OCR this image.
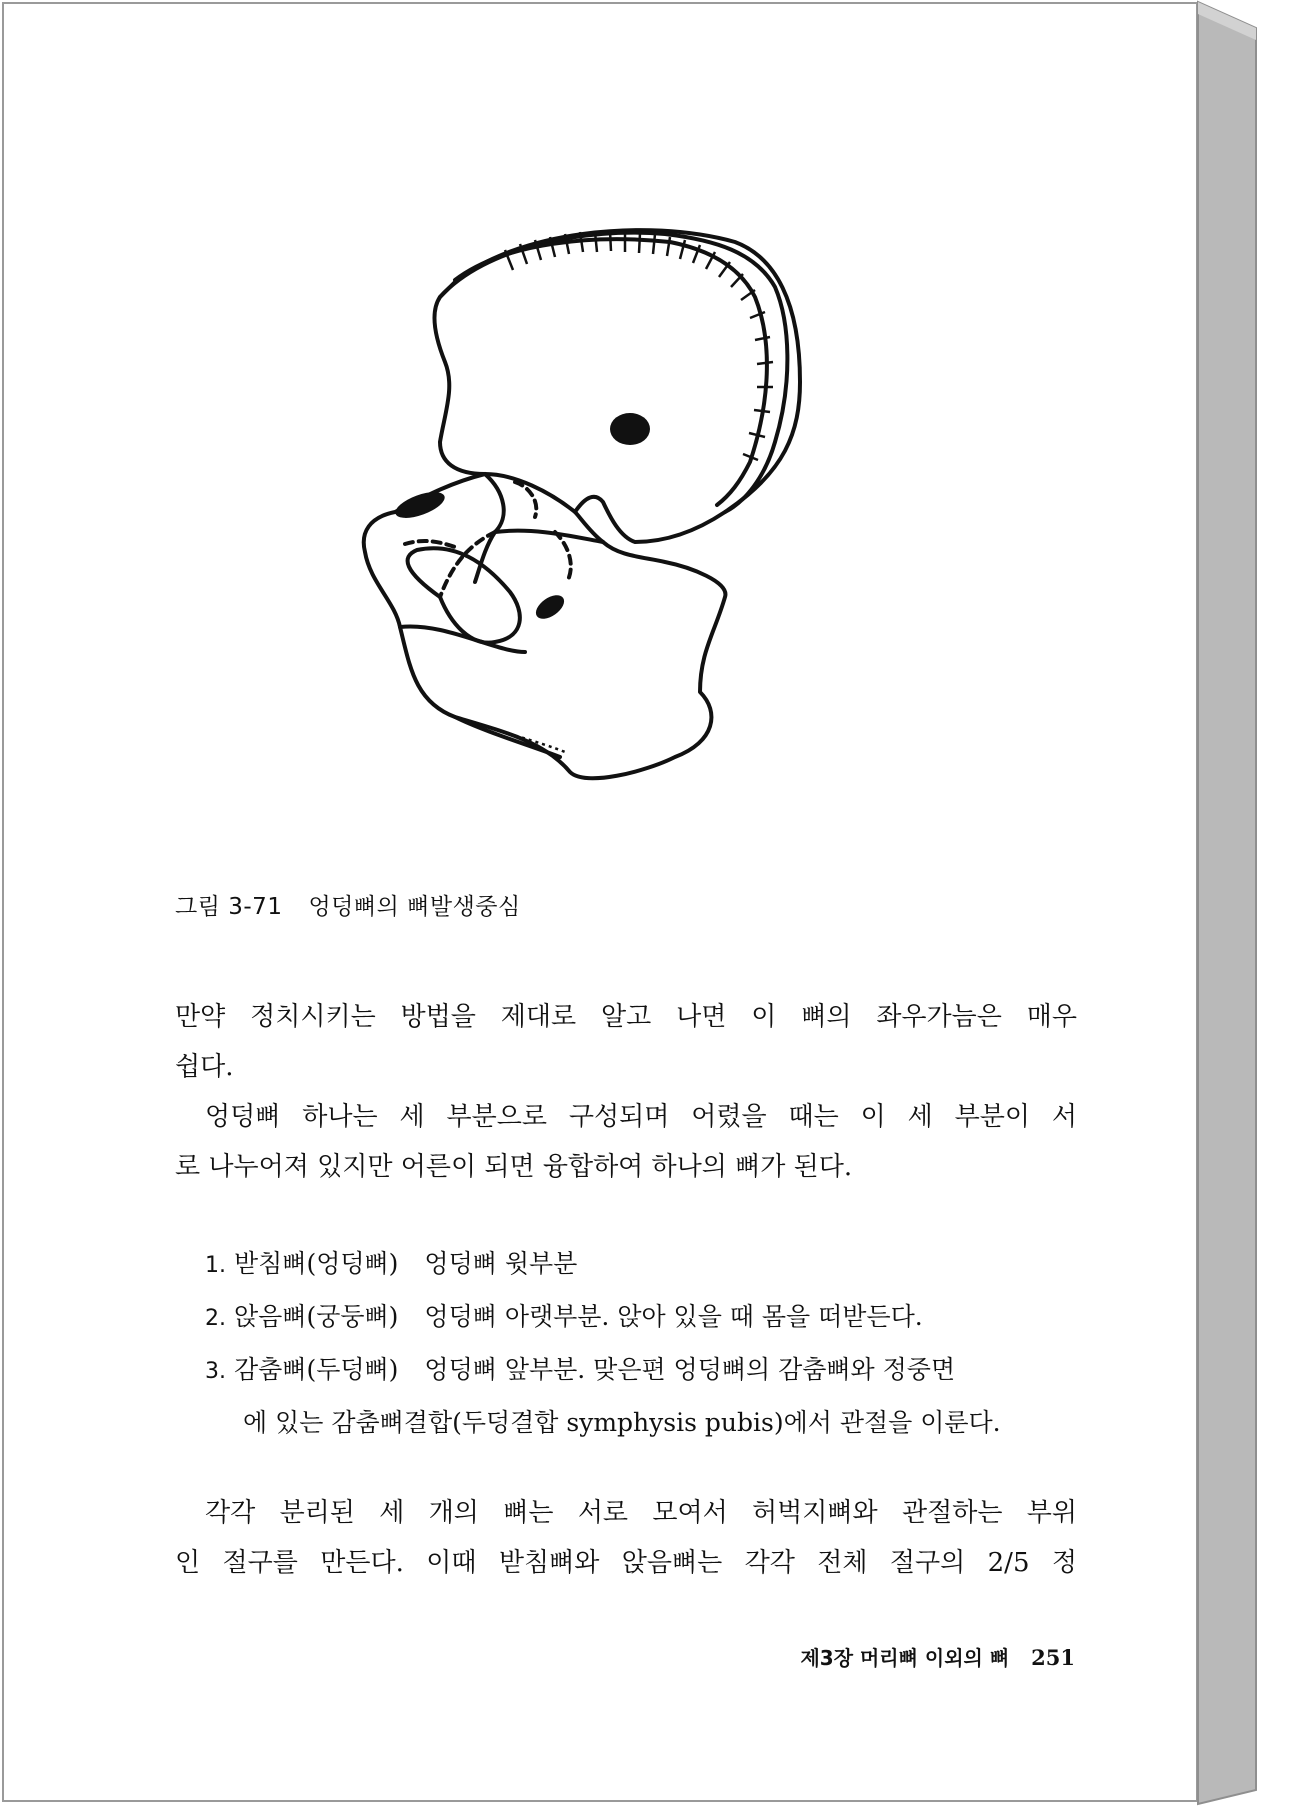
그림 3-71 엉덩뼈의 뼈발생중심

만약 정치시키는 방법을 제대로 알고 나면 이 뼈의 좌우가늠은 매우

쉽다.

엉덩뼈 하나는 세 부분으로 구성되며 어렸을 때는 이 세 부분이 서

로 나누어져 있지만 어른이 되면 융합하여 하나의 뼈가 된다.

1. 받침뼈(엉덩뼈) 엉덩뼈 윗부분
2. 앉음뼈(궁둥뼈) 엉덩뼈 아랫부분. 앉아 있을 때 몸을 떠받든다.
3. 감춤뼈(두덩뼈) 엉덩뼈 앞부분. 맞은편 엉덩뼈의 감춤뼈와 정중면
에 있는 감춤뼈결합(두덩결합 symphysis pubis)에서 관절을 이룬다.

각각 분리된 세 개의 뼈는 서로 모여서 허벅지뼈와 관절하는 부위

인 절구를 만든다. 이때 받침뼈와 앉음뼈는 각각 전체 절구의 2/5 정

제3장 머리뼈 이외의 뼈 251
